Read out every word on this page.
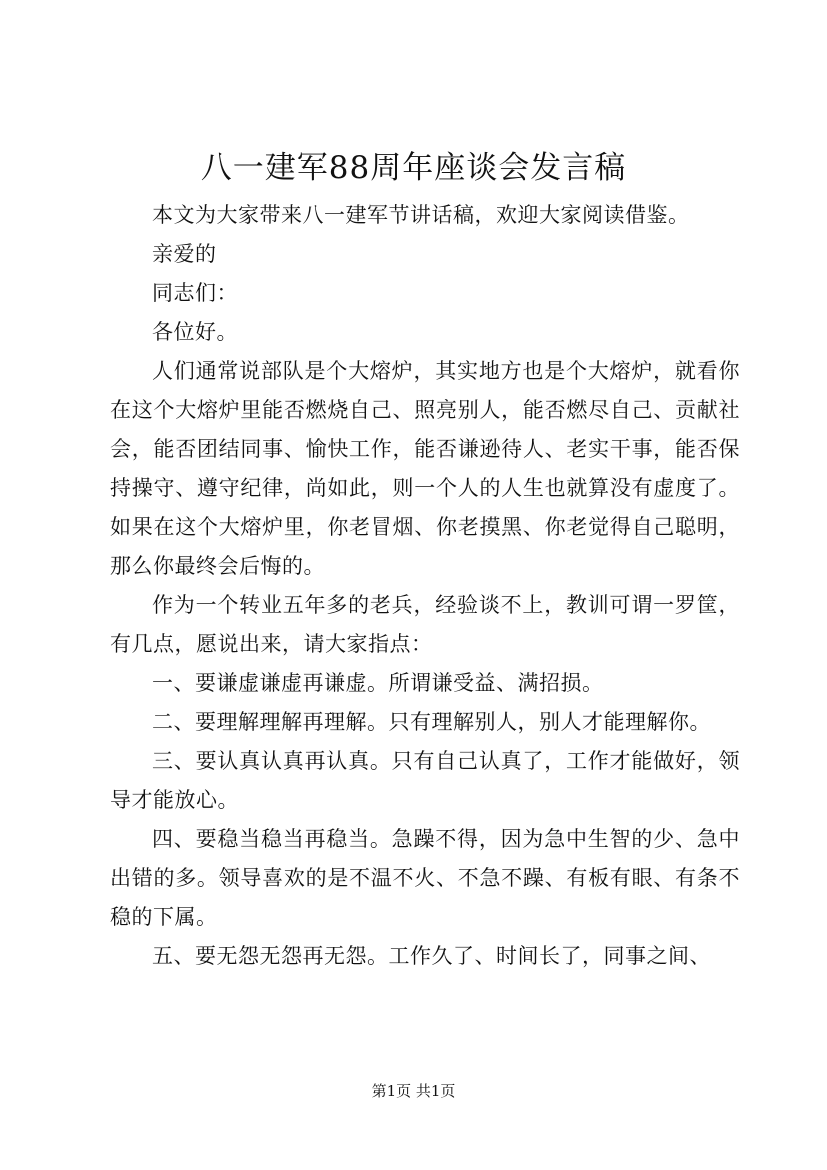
八一建军88周年座谈会发言稿

本文为大家带来八一建军节讲话稿，欢迎大家阅读借鉴。

亲爱的

同志们：

各位好。

人们通常说部队是个大熔炉，其实地方也是个大熔炉，就看你在这个大熔炉里能否燃烧自己、照亮别人，能否燃尽自己、贡献社会，能否团结同事、愉快工作，能否谦逊待人、老实干事，能否保持操守、遵守纪律，尚如此，则一个人的人生也就算没有虚度了。如果在这个大熔炉里，你老冒烟、你老摸黑、你老觉得自己聪明，那么你最终会后悔的。

作为一个转业五年多的老兵，经验谈不上，教训可谓一罗筐，有几点，愿说出来，请大家指点：

一、要谦虚谦虚再谦虚。所谓谦受益、满招损。

二、要理解理解再理解。只有理解别人，别人才能理解你。

三、要认真认真再认真。只有自己认真了，工作才能做好，领导才能放心。

四、要稳当稳当再稳当。急躁不得，因为急中生智的少、急中出错的多。领导喜欢的是不温不火、不急不躁、有板有眼、有条不稳的下属。

五、要无怨无怨再无怨。工作久了、时间长了，同事之间、

第1页 共1页
